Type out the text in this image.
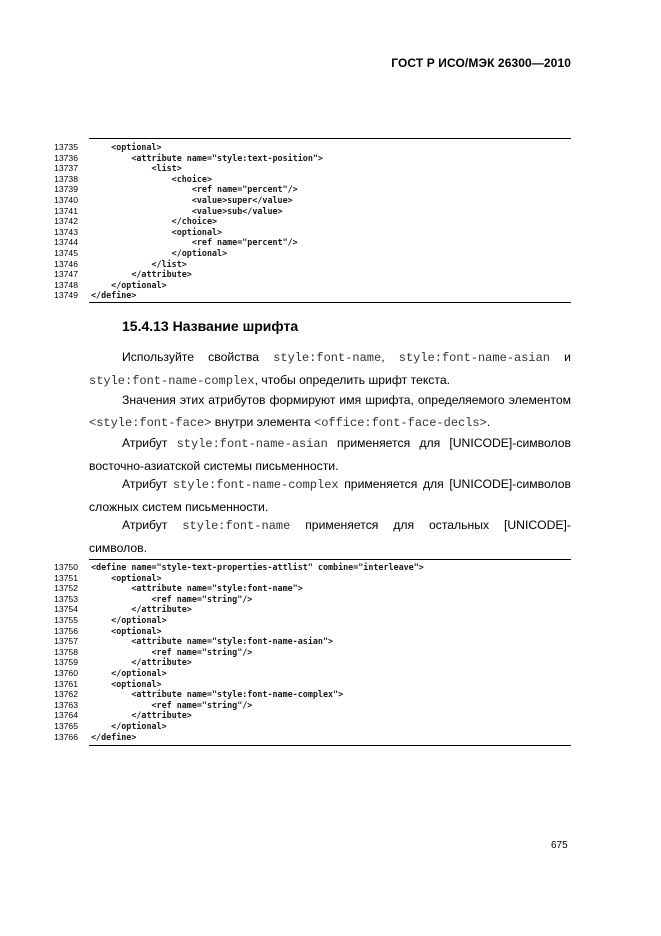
ГОСТ Р ИСО/МЭК 26300—2010
13735 <optional>
13736 <attribute name="style:text-position">
13737 <list>
13738 <choice>
13739 <ref name="percent"/>
13740 <value>super</value>
13741 <value>sub</value>
13742 </choice>
13743 <optional>
13744 <ref name="percent"/>
13745 </optional>
13746 </list>
13747 </attribute>
13748 </optional>
13749 </define>
15.4.13 Название шрифта

Используйте свойства style:font-name, style:font-name-asian и

style:font-name-complex, чтобы определить шрифт текста.

Значения этих атрибутов формируют имя шрифта, определяемого элементом <style:font-face> внутри элемента <office:font-face-decls>.

Атрибут style:font-name-asian применяется для [UNICODE]-символов восточно-азиатской системы письменности.

Атрибут style:font-name-complex применяется для [UNICODE]-символов сложных систем письменности.

Атрибут style:font-name применяется для остальных [UNICODE]-символов.

13750 <define name="style-text-properties-attlist" combine="interleave">
13751 <optional>
13752 <attribute name="style:font-name">
13753 <ref name="string"/>
13754 </attribute>
13755 </optional>
13756 <optional>
13757 <attribute name="style:font-name-asian">
13758 <ref name="string"/>
13759 </attribute>
13760 </optional>
13761 <optional>
13762 <attribute name="style:font-name-complex">
13763 <ref name="string"/>
13764 </attribute>
13765 </optional>
13766 </define>
675
